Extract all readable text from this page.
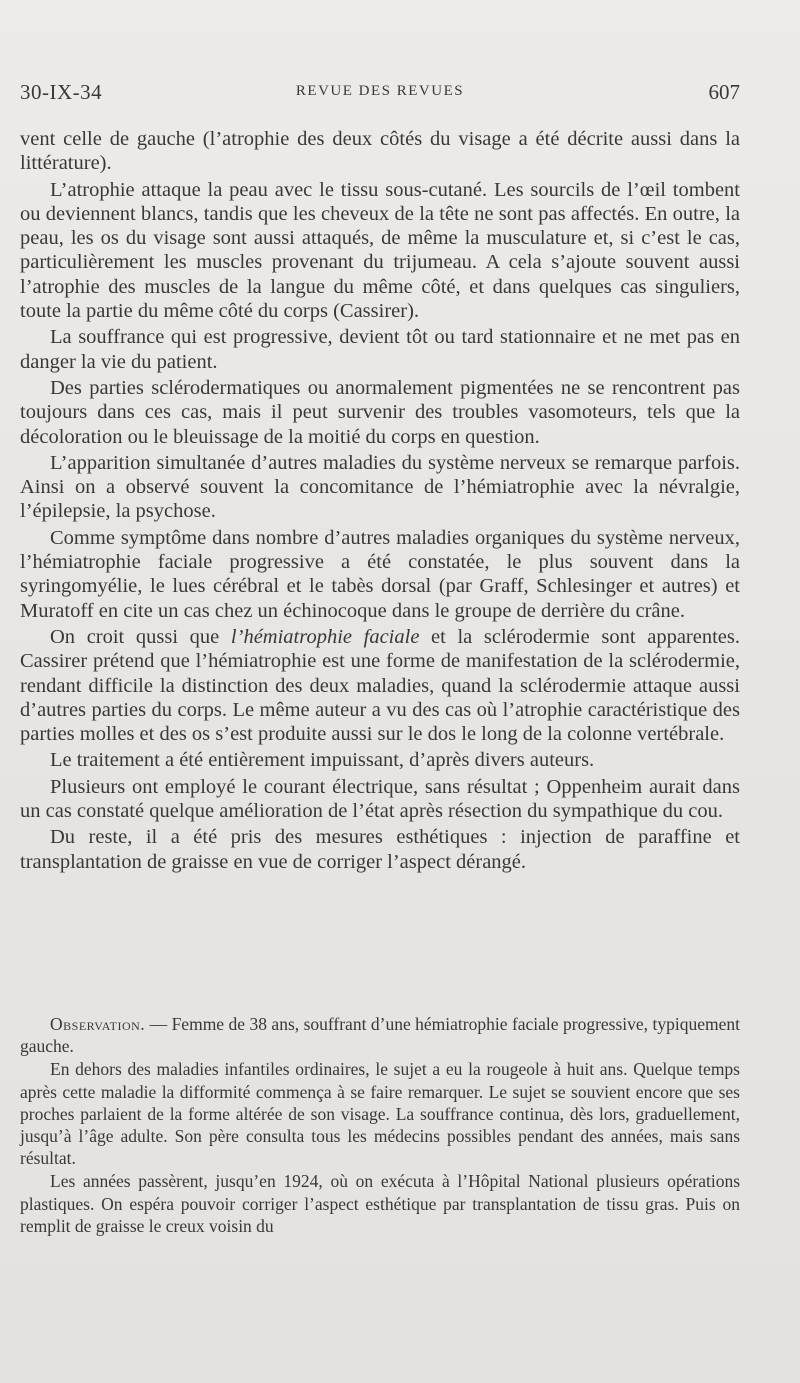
30-IX-34	REVUE DES REVUES	607

vent celle de gauche (l’atrophie des deux côtés du visage a été décrite aussi dans la littérature).

L’atrophie attaque la peau avec le tissu sous-cutané. Les sourcils de l’œil tombent ou deviennent blancs, tandis que les cheveux de la tête ne sont pas affectés. En outre, la peau, les os du visage sont aussi attaqués, de même la musculature et, si c’est le cas, particulièrement les muscles provenant du trijumeau. A cela s’ajoute souvent aussi l’atrophie des muscles de la langue du même côté, et dans quelques cas singuliers, toute la partie du même côté du corps (Cassirer).

La souffrance qui est progressive, devient tôt ou tard stationnaire et ne met pas en danger la vie du patient.

Des parties sclérodermatiques ou anormalement pigmentées ne se rencontrent pas toujours dans ces cas, mais il peut survenir des troubles vasomoteurs, tels que la décoloration ou le bleuissage de la moitié du corps en question.

L’apparition simultanée d’autres maladies du système nerveux se remarque parfois. Ainsi on a observé souvent la concomitance de l’hémiatrophie avec la névralgie, l’épilepsie, la psychose.

Comme symptôme dans nombre d’autres maladies organiques du système nerveux, l’hémiatrophie faciale progressive a été constatée, le plus souvent dans la syringomyélie, le lues cérébral et le tabès dorsal (par Graff, Schlesinger et autres) et Muratoff en cite un cas chez un échinocoque dans le groupe de derrière du crâne.

On croit qussi que l’hémiatrophie faciale et la sclérodermie sont apparentes. Cassirer prétend que l’hémiatrophie est une forme de manifestation de la sclérodermie, rendant difficile la distinction des deux maladies, quand la sclérodermie attaque aussi d’autres parties du corps. Le même auteur a vu des cas où l’atrophie caractéristique des parties molles et des os s’est produite aussi sur le dos le long de la colonne vertébrale.

Le traitement a été entièrement impuissant, d’après divers auteurs.

Plusieurs ont employé le courant électrique, sans résultat ; Oppenheim aurait dans un cas constaté quelque amélioration de l’état après résection du sympathique du cou.

Du reste, il a été pris des mesures esthétiques : injection de paraffine et transplantation de graisse en vue de corriger l’aspect dérangé.

Observation. — Femme de 38 ans, souffrant d’une hémiatrophie faciale progressive, typiquement gauche.

En dehors des maladies infantiles ordinaires, le sujet a eu la rougeole à huit ans. Quelque temps après cette maladie la difformité commença à se faire remarquer. Le sujet se souvient encore que ses proches parlaient de la forme altérée de son visage. La souffrance continua, dès lors, graduellement, jusqu’à l’âge adulte. Son père consulta tous les médecins possibles pendant des années, mais sans résultat.

Les années passèrent, jusqu’en 1924, où on exécuta à l’Hôpital National plusieurs opérations plastiques. On espéra pouvoir corriger l’aspect esthétique par transplantation de tissu gras. Puis on remplit de graisse le creux voisin du
